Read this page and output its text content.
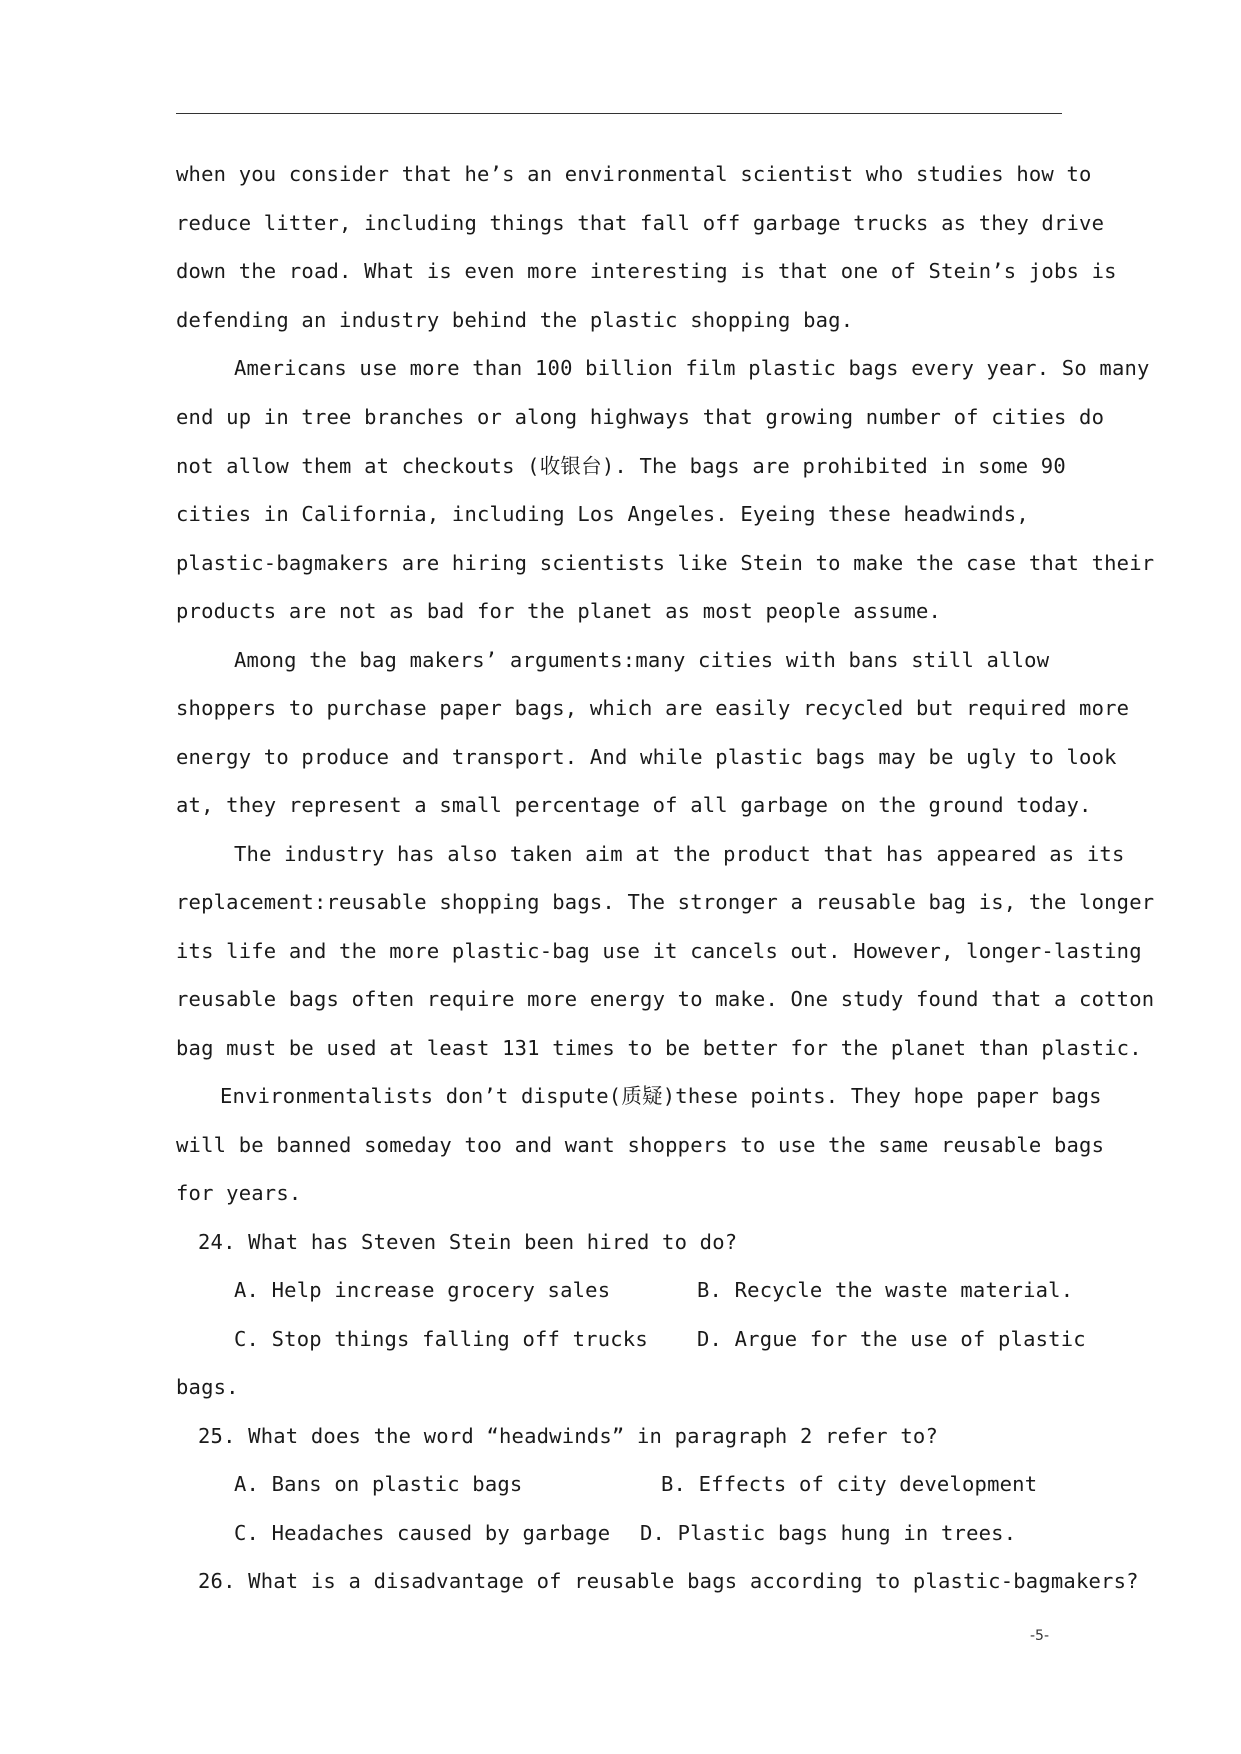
when you consider that he’s an environmental scientist who studies how to
reduce litter, including things that fall off garbage trucks as they drive
down the road. What is even more interesting is that one of Stein’s jobs is
defending an industry behind the plastic shopping bag.
Americans use more than 100 billion film plastic bags every year. So many
end up in tree branches or along highways that growing number of cities do
not allow them at checkouts (收银台). The bags are prohibited in some 90
cities in California, including Los Angeles. Eyeing these headwinds,
plastic-bagmakers are hiring scientists like Stein to make the case that their
products are not as bad for the planet as most people assume.
Among the bag makers’ arguments:many cities with bans still allow
shoppers to purchase paper bags, which are easily recycled but required more
energy to produce and transport. And while plastic bags may be ugly to look
at, they represent a small percentage of all garbage on the ground today.
The industry has also taken aim at the product that has appeared as its
replacement:reusable shopping bags. The stronger a reusable bag is, the longer
its life and the more plastic-bag use it cancels out. However, longer-lasting
reusable bags often require more energy to make. One study found that a cotton
bag must be used at least 131 times to be better for the planet than plastic.
Environmentalists don’t dispute(质疑)these points. They hope paper bags
will be banned someday too and want shoppers to use the same reusable bags
for years.
24. What has Steven Stein been hired to do?
A. Help increase grocery sales	B. Recycle the waste material.
C. Stop things falling off trucks D. Argue for the use of plastic
bags.
25. What does the word “headwinds” in paragraph 2 refer to?
A. Bans on plastic bags	B. Effects of city development
C. Headaches caused by garbage D. Plastic bags hung in trees.
26. What is a disadvantage of reusable bags according to plastic-bagmakers?
-5-
